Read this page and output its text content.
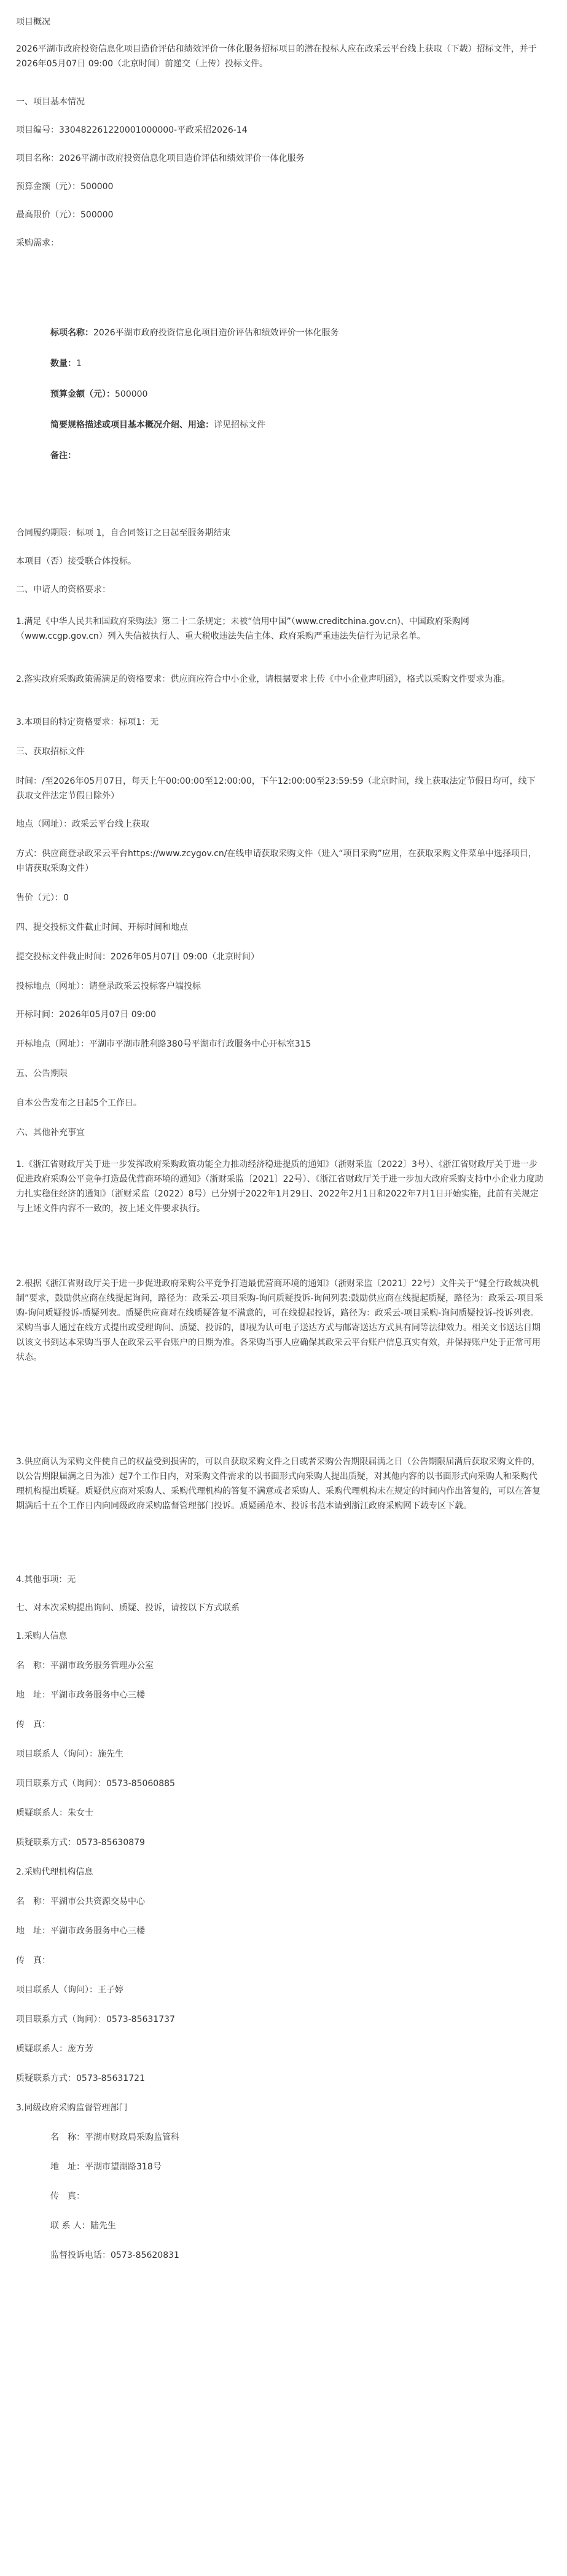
项目概况

2026平湖市政府投资信息化项目造价评估和绩效评价一体化服务招标项目的潜在投标人应在政采云平台线上获取（下载）招标文件，并于2026年05月07日 09:00（北京时间）前递交（上传）投标文件。

一、项目基本情况

项目编号：330482261220001000000-平政采招2026-14

项目名称：2026平湖市政府投资信息化项目造价评估和绩效评价一体化服务

预算金额（元）：500000

最高限价（元）：500000

采购需求：

标项名称：2026平湖市政府投资信息化项目造价评估和绩效评价一体化服务

数量：1

预算金额（元）：500000

简要规格描述或项目基本概况介绍、用途：详见招标文件

备注：

合同履约期限：标项 1，自合同签订之日起至服务期结束

本项目（否）接受联合体投标。

二、申请人的资格要求：

1.满足《中华人民共和国政府采购法》第二十二条规定；未被“信用中国”（www.creditchina.gov.cn)、中国政府采购网（www.ccgp.gov.cn）列入失信被执行人、重大税收违法失信主体、政府采购严重违法失信行为记录名单。

2.落实政府采购政策需满足的资格要求：供应商应符合中小企业，请根据要求上传《中小企业声明函》，格式以采购文件要求为准。

3.本项目的特定资格要求：标项1：无

三、获取招标文件

时间：/至2026年05月07日，每天上午00:00:00至12:00:00，下午12:00:00至23:59:59（北京时间，线上获取法定节假日均可，线下获取文件法定节假日除外）

地点（网址）：政采云平台线上获取

方式：供应商登录政采云平台https://www.zcygov.cn/在线申请获取采购文件（进入“项目采购”应用，在获取采购文件菜单中选择项目，申请获取采购文件）

售价（元）：0

四、提交投标文件截止时间、开标时间和地点

提交投标文件截止时间：2026年05月07日 09:00（北京时间）

投标地点（网址）：请登录政采云投标客户端投标

开标时间：2026年05月07日 09:00

开标地点（网址）：平湖市平湖市胜利路380号平湖市行政服务中心开标室315

五、公告期限

自本公告发布之日起5个工作日。

六、其他补充事宜

1.《浙江省财政厅关于进一步发挥政府采购政策功能全力推动经济稳进提质的通知》（浙财采监〔2022〕3号）、《浙江省财政厅关于进一步促进政府采购公平竞争打造最优营商环境的通知》（浙财采监〔2021〕22号）、《浙江省财政厅关于进一步加大政府采购支持中小企业力度助力扎实稳住经济的通知》（浙财采监（2022）8号）已分别于2022年1月29日、2022年2月1日和2022年7月1日开始实施，此前有关规定与上述文件内容不一致的，按上述文件要求执行。

2.根据《浙江省财政厅关于进一步促进政府采购公平竞争打造最优营商环境的通知》（浙财采监〔2021〕22号）文件关于“健全行政裁决机制”要求，鼓励供应商在线提起询问，路径为：政采云-项目采购-询问质疑投诉-询问列表:鼓励供应商在线提起质疑，路径为：政采云-项目采购-询问质疑投诉-质疑列表。质疑供应商对在线质疑答复不满意的，可在线提起投诉，路径为：政采云-项目采购-询问质疑投诉-投诉列表。采购当事人通过在线方式提出或受理询问、质疑、投诉的，即视为认可电子送达方式与邮寄送达方式具有同等法律效力。相关文书送达日期以该文书到达本采购当事人在政采云平台账户的日期为准。各采购当事人应确保其政采云平台账户信息真实有效，并保持账户处于正常可用状态。

3.供应商认为采购文件使自己的权益受到损害的，可以自获取采购文件之日或者采购公告期限届满之日（公告期限届满后获取采购文件的，以公告期限届满之日为准）起7个工作日内，对采购文件需求的以书面形式向采购人提出质疑，对其他内容的以书面形式向采购人和采购代理机构提出质疑。质疑供应商对采购人、采购代理机构的答复不满意或者采购人、采购代理机构未在规定的时间内作出答复的，可以在答复期满后十五个工作日内向同级政府采购监督管理部门投诉。质疑函范本、投诉书范本请到浙江政府采购网下载专区下载。

4.其他事项：无

七、对本次采购提出询问、质疑、投诉，请按以下方式联系

1.采购人信息

名　称：平湖市政务服务管理办公室

地　址：平湖市政务服务中心三楼

传　真：

项目联系人（询问）：施先生

项目联系方式（询问）：0573-85060885

质疑联系人：朱女士

质疑联系方式：0573-85630879

2.采购代理机构信息

名　称：平湖市公共资源交易中心

地　址：平湖市政务服务中心三楼

传　真：

项目联系人（询问）：王子婷

项目联系方式（询问）：0573-85631737

质疑联系人：庞方芳

质疑联系方式：0573-85631721

3.同级政府采购监督管理部门

名　称：平湖市财政局采购监管科

地　址：平湖市望湖路318号

传　真：

联 系 人：陆先生

监督投诉电话：0573-85620831
